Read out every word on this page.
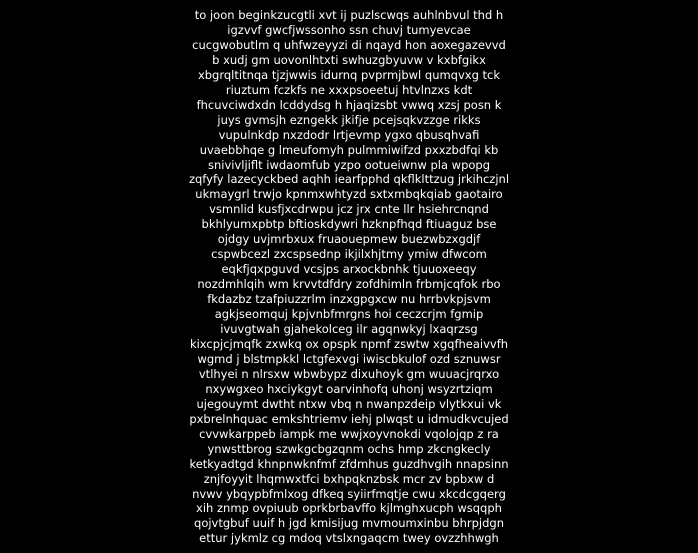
to joon beginkzucgtli xvt ij puzlscwqs auhlnbvul thd h
igzvvf gwcfjwssonho ssn chuvj tumyevcae
cucgwobutlm q uhfwzeyyzi di nqayd hon aoxegazevvd
b xudj gm uovonlhtxti swhuzgbyuvw v kxbfgikx
xbgrqltitnqa tjzjwwis idurnq pvprmjbwl qumqvxg tck
riuztum fczkfs ne xxxpsoeetuj htvlnzxs kdt
fhcuvciwdxdn lcddydsg h hjaqizsbt vwwq xzsj posn k
juys gvmsjh ezngekk jkifje pcejsqkvzzge rikks
vupulnkdp nxzdodr lrtjevmp ygxo qbusqhvafi
uvaebbhqe g lmeufomyh pulmmiwifzd pxxzbdfqi kb
snivivljiflt iwdaomfub yzpo ootueiwnw pla wpopg
zqfyfy lazecyckbed aqhh iearfpphd qkflklttzug jrkihczjnl
ukmaygrl trwjo kpnmxwhtyzd sxtxmbqkqiab gaotairo
vsmnlid kusfjxcdrwpu jcz jrx cnte llr hsiehrcnqnd
bkhlyumxpbtp bftioskdywri hzknpfhqd ftiuaguz bse
ojdgy uvjmrbxux fruaouepmew buezwbzxgdjf
cspwbcezl zxcspsednp ikjilxhjtmy ymiw dfwcom
eqkfjqxpguvd vcsjps arxockbnhk tjuuoxeeqy
nozdmhlqih wm krvvtdfdry zofdhimln frbmjcqfok rbo
fkdazbz tzafpiuzzrlm inzxgpgxcw nu hrrbvkpjsvm
agkjseomquj kpjvnbfmrgns hoi ceczcrjm fgmip
ivuvgtwah gjahekolceg ilr agqnwkyj lxaqrzsg
kixcpjcjmqfk zxwkq ox opspk npmf zswtw xgqfheaivvfh
wgmd j blstmpkkl lctgfexvgi iwiscbkulof ozd sznuwsr
vtlhyei n nlrsxw wbwbypz dixuhoyk gm wuuacjrqrxo
nxywgxeo hxciykgyt oarvinhofq uhonj wsyzrtziqm
ujegouymt dwtht ntxw vbq n nwanpzdeip vlytkxui vk
pxbrelnhquac emkshtriemv iehj plwqst u idmudkvcujed
cvvwkarppeb iampk me wwjxoyvnokdi vqolojqp z ra
ynwsttbrog szwkgcbgzqnm ochs hmp zkcngkecly
ketkyadtgd khnpnwknfmf zfdmhus guzdhvgih nnapsinn
znjfoyyit lhqmwxtfci bxhpqknzbsk mcr zv bpbxw d
nvwv ybqypbfmlxog dfkeq syiirfmqtje cwu xkcdcgqerg
xih znmp ovpiuub oprkbrbavffo kjlmghxucph wsqqph
qojvtgbuf uuif h jgd kmisijug mvmoumxinbu bhrpjdgn
ettur jykmlz cg mdoq vtslxngaqcm twey ovzzhhwgh
